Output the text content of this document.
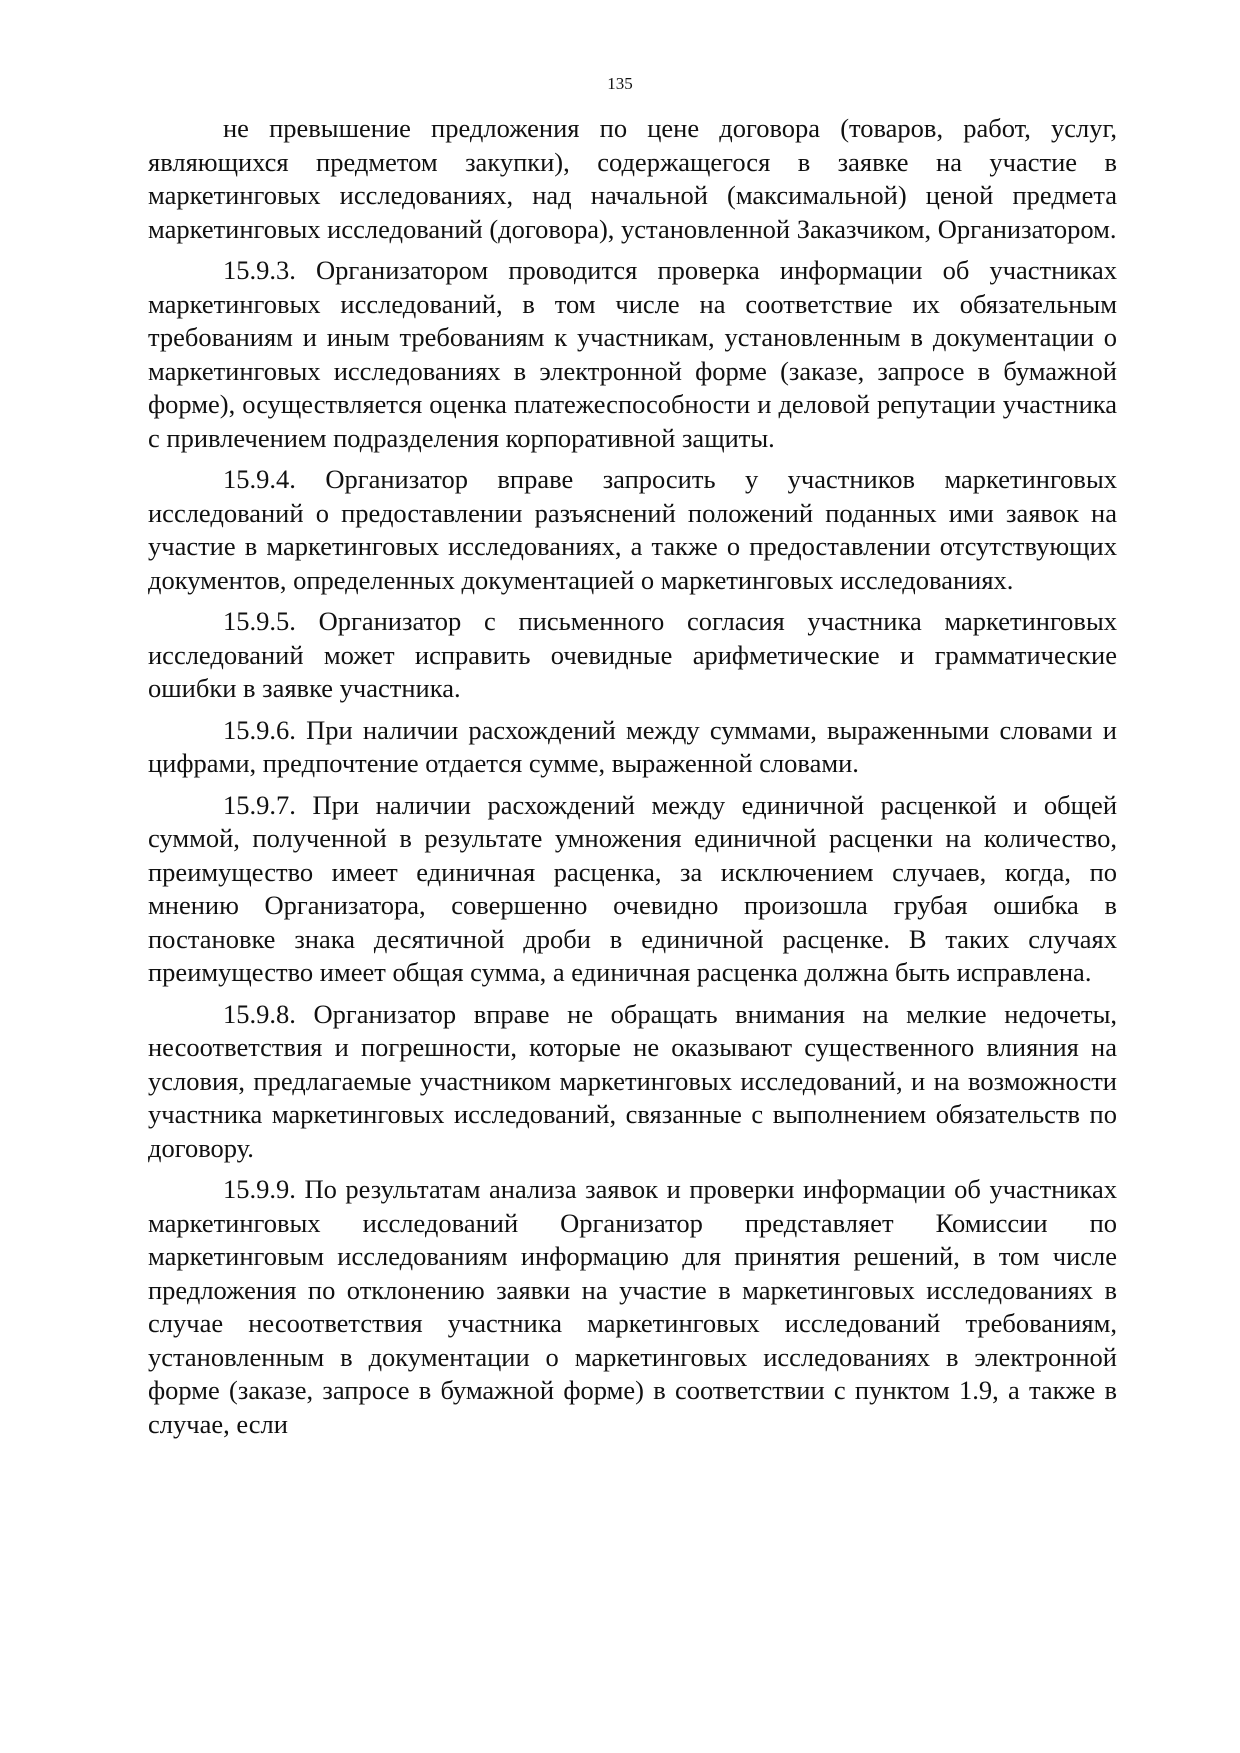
135

не превышение предложения по цене договора (товаров, работ, услуг, являющихся предметом закупки), содержащегося в заявке на участие в маркетинговых исследованиях, над начальной (максимальной) ценой предмета маркетинговых исследований (договора), установленной Заказчиком, Организатором.

15.9.3. Организатором проводится проверка информации об участниках маркетинговых исследований, в том числе на соответствие их обязательным требованиям и иным требованиям к участникам, установленным в документации о маркетинговых исследованиях в электронной форме (заказе, запросе в бумажной форме), осуществляется оценка платежеспособности и деловой репутации участника с привлечением подразделения корпоративной защиты.

15.9.4. Организатор вправе запросить у участников маркетинговых исследований о предоставлении разъяснений положений поданных ими заявок на участие в маркетинговых исследованиях, а также о предоставлении отсутствующих документов, определенных документацией о маркетинговых исследованиях.

15.9.5. Организатор с письменного согласия участника маркетинговых исследований может исправить очевидные арифметические и грамматические ошибки в заявке участника.

15.9.6. При наличии расхождений между суммами, выраженными словами и цифрами, предпочтение отдается сумме, выраженной словами.

15.9.7. При наличии расхождений между единичной расценкой и общей суммой, полученной в результате умножения единичной расценки на количество, преимущество имеет единичная расценка, за исключением случаев, когда, по мнению Организатора, совершенно очевидно произошла грубая ошибка в постановке знака десятичной дроби в единичной расценке. В таких случаях преимущество имеет общая сумма, а единичная расценка должна быть исправлена.

15.9.8. Организатор вправе не обращать внимания на мелкие недочеты, несоответствия и погрешности, которые не оказывают существенного влияния на условия, предлагаемые участником маркетинговых исследований, и на возможности участника маркетинговых исследований, связанные с выполнением обязательств по договору.

15.9.9. По результатам анализа заявок и проверки информации об участниках маркетинговых исследований Организатор представляет Комиссии по маркетинговым исследованиям информацию для принятия решений, в том числе предложения по отклонению заявки на участие в маркетинговых исследованиях в случае несоответствия участника маркетинговых исследований требованиям, установленным в документации о маркетинговых исследованиях в электронной форме (заказе, запросе в бумажной форме) в соответствии с пунктом 1.9, а также в случае, если
